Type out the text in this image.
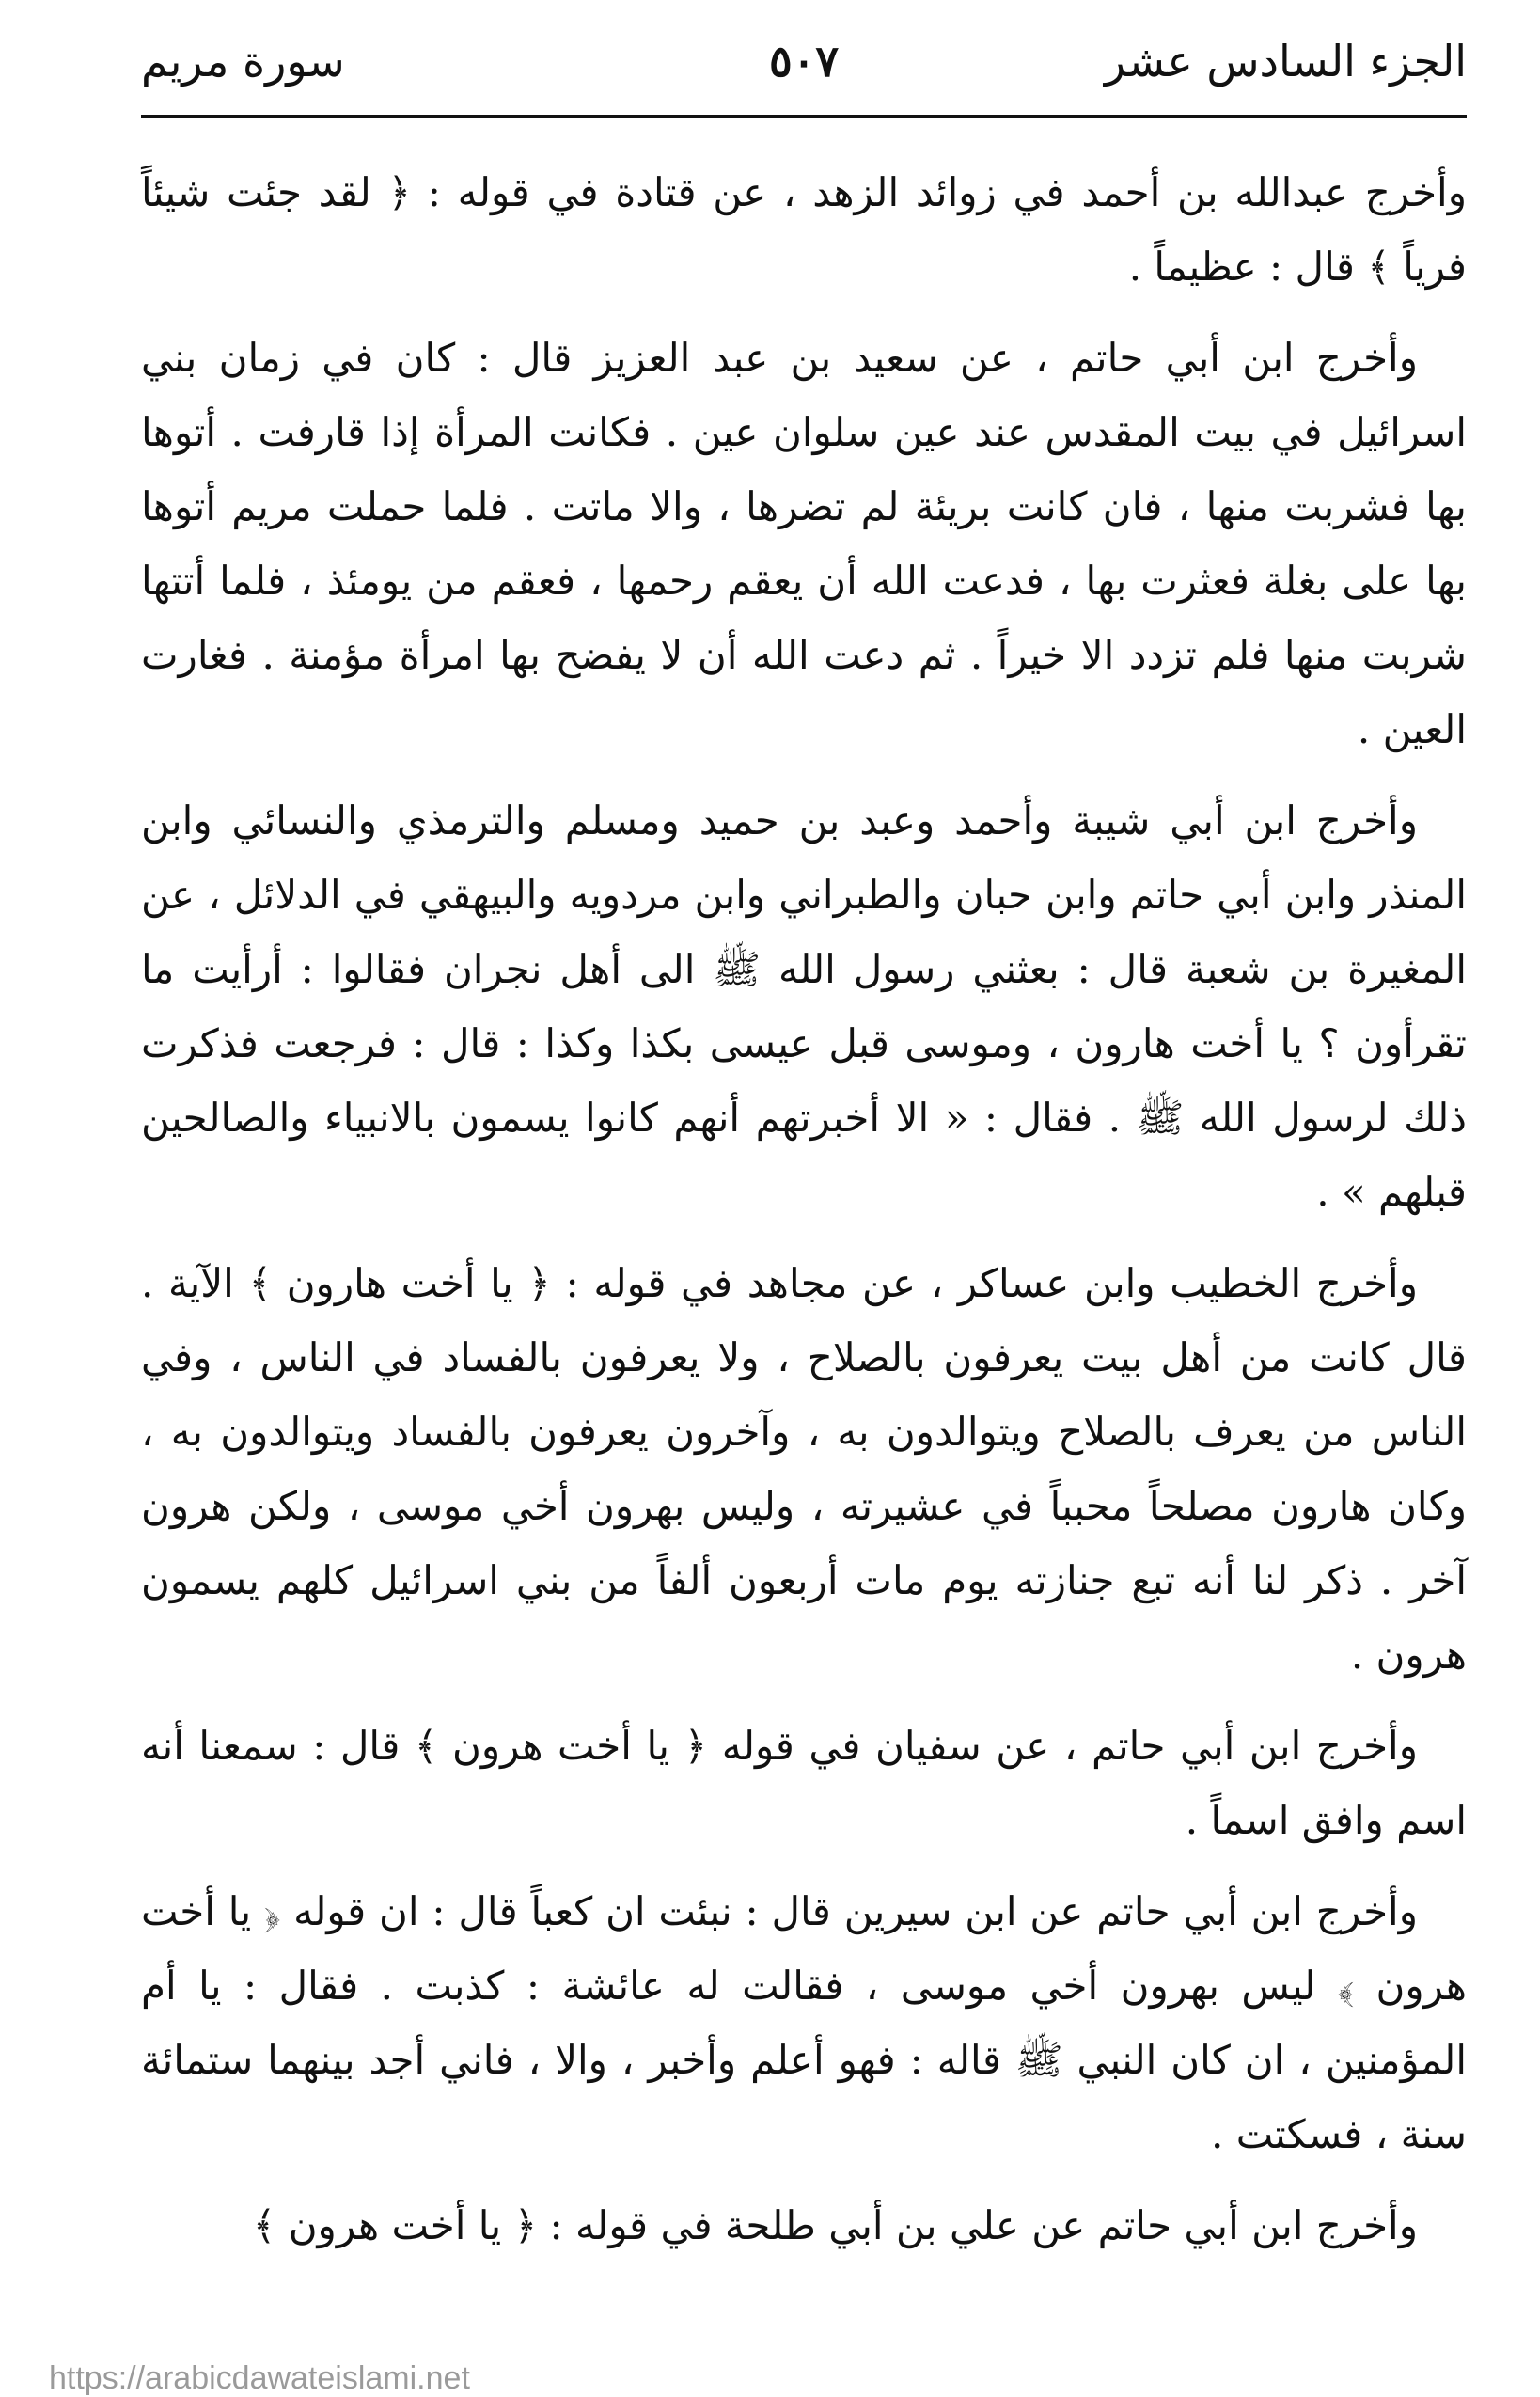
الجزء السادس عشر
٥٠٧
سورة مريم

وأخرج عبدالله بن أحمد في زوائد الزهد ، عن قتادة في قوله : ﴿ لقد جئت شيئاً فرياً ﴾ قال : عظيماً .

وأخرج ابن أبي حاتم ، عن سعيد بن عبد العزيز قال : كان في زمان بني اسرائيل في بيت المقدس عند عين سلوان عين . فكانت المرأة إذا قارفت . أتوها بها فشربت منها ، فان كانت بريئة لم تضرها ، والا ماتت . فلما حملت مريم أتوها بها على بغلة فعثرت بها ، فدعت الله أن يعقم رحمها ، فعقم من يومئذ ، فلما أتتها شربت منها فلم تزدد الا خيراً . ثم دعت الله أن لا يفضح بها امرأة مؤمنة . فغارت العين .

وأخرج ابن أبي شيبة وأحمد وعبد بن حميد ومسلم والترمذي والنسائي وابن المنذر وابن أبي حاتم وابن حبان والطبراني وابن مردويه والبيهقي في الدلائل ، عن المغيرة بن شعبة قال : بعثني رسول الله ﷺ الى أهل نجران فقالوا : أرأيت ما تقرأون ؟ يا أخت هارون ، وموسى قبل عيسى بكذا وكذا : قال : فرجعت فذكرت ذلك لرسول الله ﷺ . فقال : « الا أخبرتهم أنهم كانوا يسمون بالانبياء والصالحين قبلهم » .

وأخرج الخطيب وابن عساكر ، عن مجاهد في قوله : ﴿ يا أخت هارون ﴾ الآية . قال كانت من أهل بيت يعرفون بالصلاح ، ولا يعرفون بالفساد في الناس ، وفي الناس من يعرف بالصلاح ويتوالدون به ، وآخرون يعرفون بالفساد ويتوالدون به ، وكان هارون مصلحاً محبباً في عشيرته ، وليس بهرون أخي موسى ، ولكن هرون آخر . ذكر لنا أنه تبع جنازته يوم مات أربعون ألفاً من بني اسرائيل كلهم يسمون هرون .

وأخرج ابن أبي حاتم ، عن سفيان في قوله ﴿ يا أخت هرون ﴾ قال : سمعنا أنه اسم وافق اسماً .

وأخرج ابن أبي حاتم عن ابن سيرين قال : نبئت ان كعباً قال : ان قوله ﴿ يا أخت هرون ﴾ ليس بهرون أخي موسى ، فقالت له عائشة : كذبت . فقال : يا أم المؤمنين ، ان كان النبي ﷺ قاله : فهو أعلم وأخبر ، والا ، فاني أجد بينهما ستمائة سنة ، فسكتت .

وأخرج ابن أبي حاتم عن علي بن أبي طلحة في قوله : ﴿ يا أخت هرون ﴾

https://arabicdawateislami.net
